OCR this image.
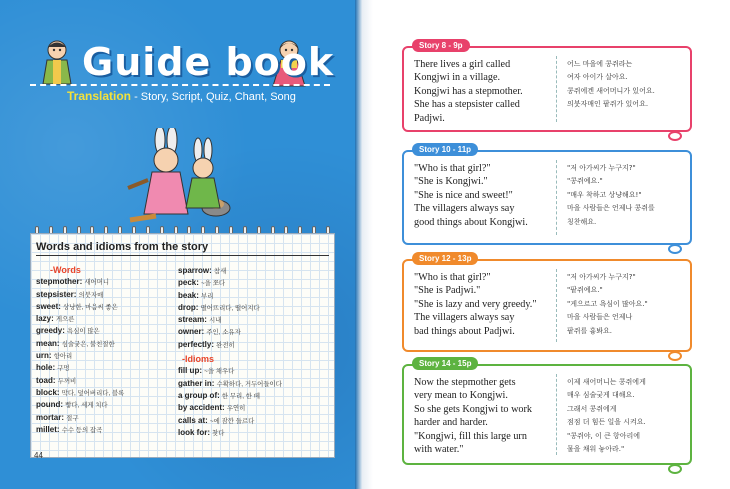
Guide book
Translation - Story, Script, Quiz, Chant, Song
Words and idioms from the story
-Words
stepmother: 새어머니
stepsister: 의붓자매
sweet: 상냥한, 마음씨 좋은
lazy: 게으른
greedy: 욕심이 많은
mean: 심술궂은, 불친절한
urn: 항아리
hole: 구멍
toad: 두꺼비
block: 막다, 덮어버리다, 블록
pound: 빻다, 세게 치다
mortar: 절구
millet: 수수 등의 잡곡
sparrow: 참새
peck: ~을 쪼다
beak: 부리
drop: 떨어뜨리다, 떨어지다
stream: 시내
owner: 주인, 소유자
perfectly: 완전히
-Idioms
fill up: ~을 채우다
gather in: 수확하다, 거두어들이다
a group of: 한 무리, 한 떼
by accident: 우연히
calls at: ~에 잠깐 들르다
look for: 찾다
44
Story 8 - 9p
There lives a girl called
Kongjwi in a village.
Kongjwi has a stepmother.
She has a stepsister called
Padjwi.
어느 마을에 콩쥐라는
여자 아이가 살아요.
콩쥐에겐 새어머니가 있어요.
의붓자매인 팥쥐가 있어요.
Story 10 - 11p
"Who is that girl?"
"She is Kongjwi."
"She is nice and sweet!"
The villagers always say
good things about Kongjwi.
"저 아가씨가 누구지?"
"콩쥐예요."
"매우 착하고 상냥해요!"
마을 사람들은 언제나 콩쥐를
칭찬해요.
Story 12 - 13p
"Who is that girl?"
"She is Padjwi."
"She is lazy and very greedy."
The villagers always say
bad things about Padjwi.
"저 아가씨가 누구지?"
"팥쥐예요."
"게으르고 욕심이 많아요."
마을 사람들은 언제나
팥쥐를 흉봐요.
Story 14 - 15p
Now the stepmother gets
very mean to Kongjwi.
So she gets Kongjwi to work
harder and harder.
"Kongjwi, fill this large urn
with water."
이제 새어머니는 콩쥐에게
매우 심술궂게 대해요.
그래서 콩쥐에게
점점 더 힘든 일을 시켜요.
"콩쥐야, 이 큰 항아리에
물을 채워 놓아라."
